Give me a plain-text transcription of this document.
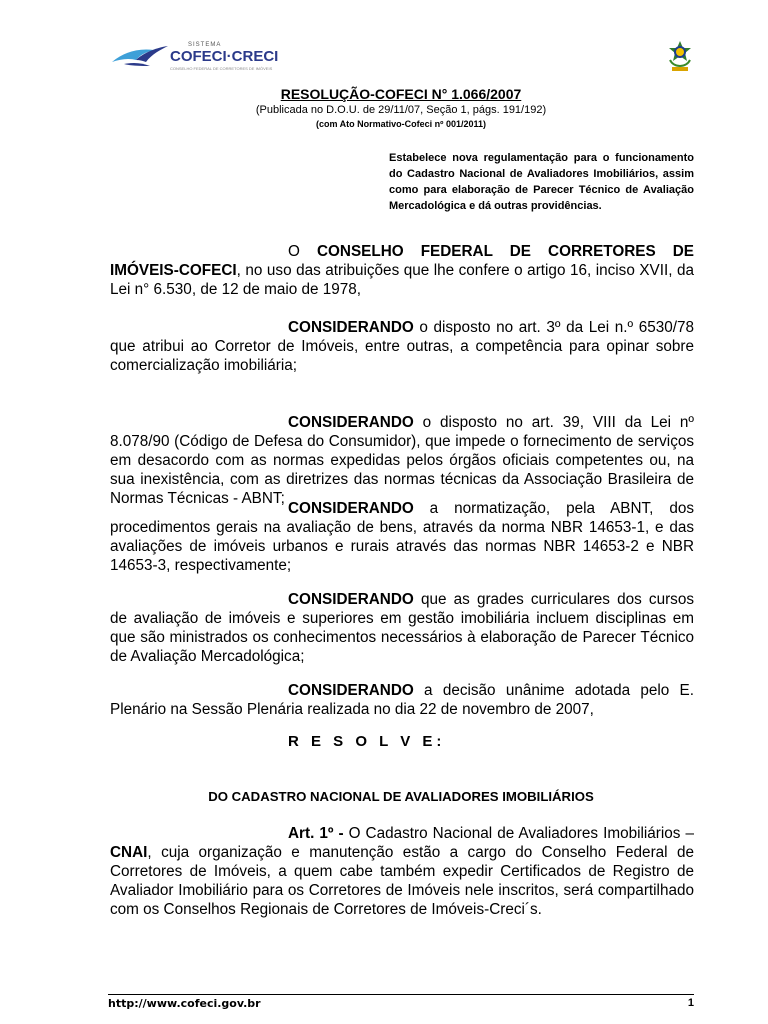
SISTEMA
COFECI·CRECI
CONSELHO FEDERAL DE CORRETORES DE IMÓVEIS

RESOLUÇÃO-COFECI N° 1.066/2007

(Publicada no D.O.U. de 29/11/07, Seção 1, págs. 191/192)

(com Ato Normativo-Cofeci nº 001/2011)

Estabelece nova regulamentação para o funcionamento do Cadastro Nacional de Avaliadores Imobiliários, assim como para elaboração de Parecer Técnico de Avaliação Mercadológica e dá outras providências.

O CONSELHO FEDERAL DE CORRETORES DE IMÓVEIS-COFECI, no uso das atribuições que lhe confere o artigo 16, inciso XVII, da Lei n° 6.530, de 12 de maio de 1978,

CONSIDERANDO o disposto no art. 3º da Lei n.º 6530/78 que atribui ao Corretor de Imóveis, entre outras, a competência para opinar sobre comercialização imobiliária;

CONSIDERANDO o disposto no art. 39, VIII da Lei nº 8.078/90 (Código de Defesa do Consumidor), que impede o fornecimento de serviços em desacordo com as normas expedidas pelos órgãos oficiais competentes ou, na sua inexistência, com as diretrizes das normas técnicas da Associação Brasileira de Normas Técnicas - ABNT;

CONSIDERANDO a normatização, pela ABNT, dos procedimentos gerais na avaliação de bens, através da norma NBR 14653-1, e das avaliações de imóveis urbanos e rurais através das normas NBR 14653-2 e NBR 14653-3, respectivamente;

CONSIDERANDO que as grades curriculares dos cursos de avaliação de imóveis e superiores em gestão imobiliária incluem disciplinas em que são ministrados os conhecimentos necessários à elaboração de Parecer Técnico de Avaliação Mercadológica;

CONSIDERANDO a decisão unânime adotada pelo E. Plenário na Sessão Plenária realizada no dia 22 de novembro de 2007,

R E S O L V E:
DO CADASTRO NACIONAL DE AVALIADORES IMOBILIÁRIOS

Art. 1º - O Cadastro Nacional de Avaliadores Imobiliários – CNAI, cuja organização e manutenção estão a cargo do Conselho Federal de Corretores de Imóveis, a quem cabe também expedir Certificados de Registro de Avaliador Imobiliário para os Corretores de Imóveis nele inscritos, será compartilhado com os Conselhos Regionais de Corretores de Imóveis-Creci´s.

http://www.cofeci.gov.br	1
